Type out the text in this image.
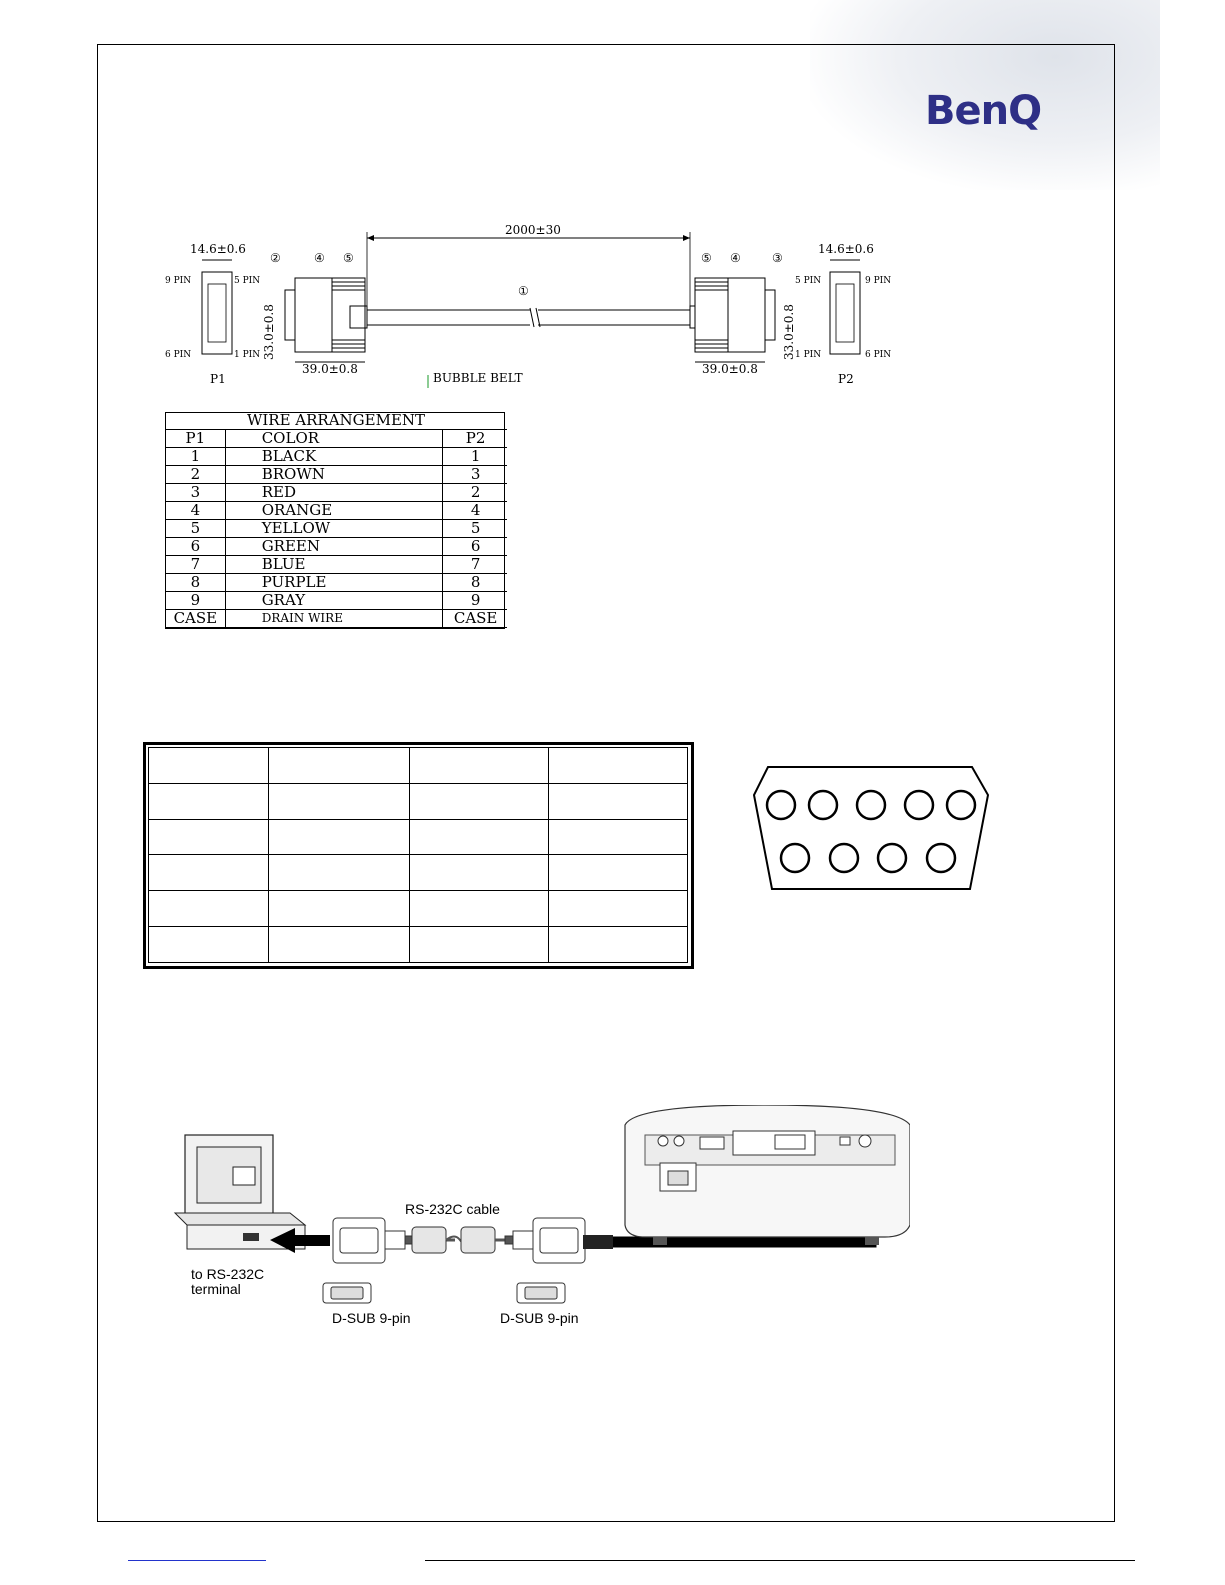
BenQ
2000±30
14.6±0.6
9 PIN	5 PIN
6 PIN	1 PIN
P1
33.0±0.8
②	④ ⑤
39.0±0.8
①
BUBBLE BELT
⑤ ④	③
39.0±0.8
33.0±0.8
14.6±0.6
5 PIN	9 PIN
1 PIN	6 PIN
P2
WIRE ARRANGEMENT		
P1	COLOR	P2
1	BLACK	1
2	BROWN	3
3	RED	2
4	ORANGE	4
5	YELLOW	5
6	GREEN	6
7	BLUE	7
8	PURPLE	8
9	GRAY	9
CASE	DRAIN WIRE	CASE

RS-232C cable
to RS-232C
terminal
D-SUB 9-pin	D-SUB 9-pin
